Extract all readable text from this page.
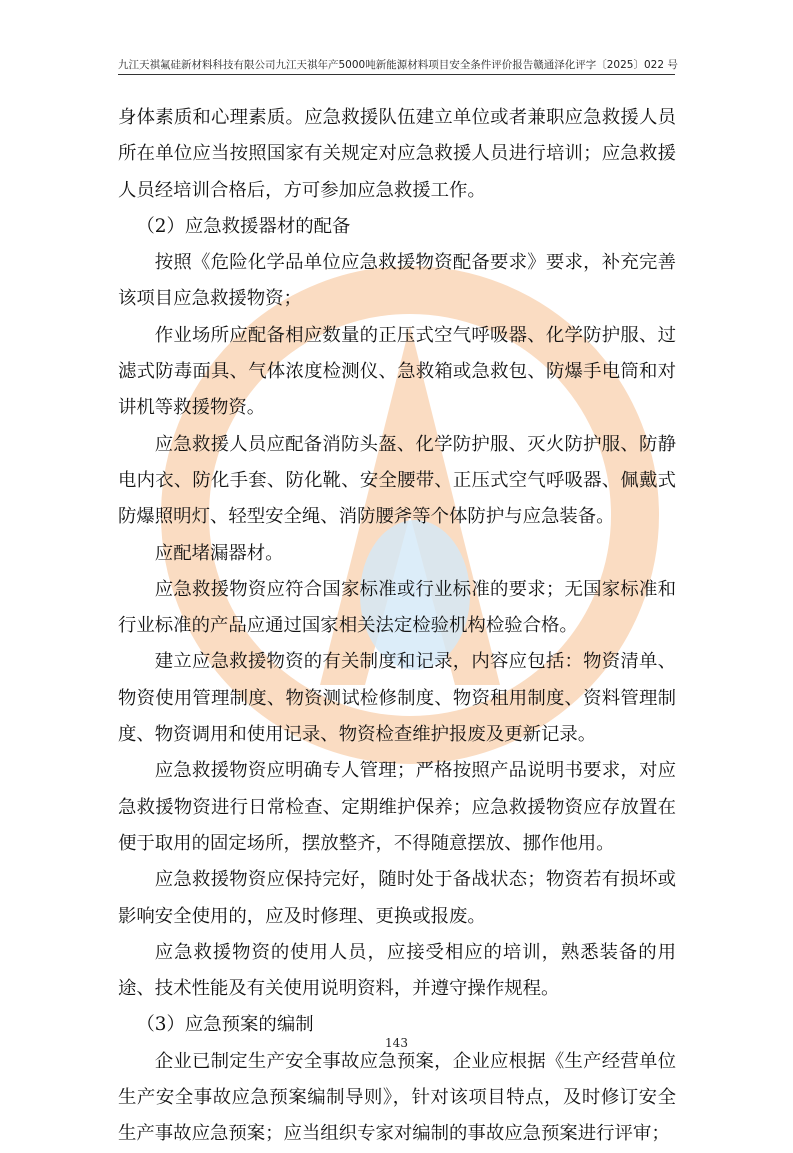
九江天祺氟硅新材料科技有限公司九江天祺年产5000吨新能源材料项目安全条件评价报告 赣通泽化评字〔2025〕022 号

身体素质和心理素质。应急救援队伍建立单位或者兼职应急救援人员所在单位应当按照国家有关规定对应急救援人员进行培训；应急救援人员经培训合格后，方可参加应急救援工作。

（2）应急救援器材的配备

按照《危险化学品单位应急救援物资配备要求》要求，补充完善该项目应急救援物资；

作业场所应配备相应数量的正压式空气呼吸器、化学防护服、过滤式防毒面具、气体浓度检测仪、急救箱或急救包、防爆手电筒和对讲机等救援物资。

应急救援人员应配备消防头盔、化学防护服、灭火防护服、防静电内衣、防化手套、防化靴、安全腰带、正压式空气呼吸器、佩戴式防爆照明灯、轻型安全绳、消防腰斧等个体防护与应急装备。

应配堵漏器材。

应急救援物资应符合国家标准或行业标准的要求；无国家标准和行业标准的产品应通过国家相关法定检验机构检验合格。

建立应急救援物资的有关制度和记录，内容应包括：物资清单、物资使用管理制度、物资测试检修制度、物资租用制度、资料管理制度、物资调用和使用记录、物资检查维护报废及更新记录。

应急救援物资应明确专人管理；严格按照产品说明书要求，对应急救援物资进行日常检查、定期维护保养；应急救援物资应存放置在便于取用的固定场所，摆放整齐，不得随意摆放、挪作他用。

应急救援物资应保持完好，随时处于备战状态；物资若有损坏或影响安全使用的，应及时修理、更换或报废。

应急救援物资的使用人员，应接受相应的培训，熟悉装备的用途、技术性能及有关使用说明资料，并遵守操作规程。

（3）应急预案的编制

企业已制定生产安全事故应急预案，企业应根据《生产经营单位生产安全事故应急预案编制导则》，针对该项目特点，及时修订安全生产事故应急预案；应当组织专家对编制的事故应急预案进行评审；

143
